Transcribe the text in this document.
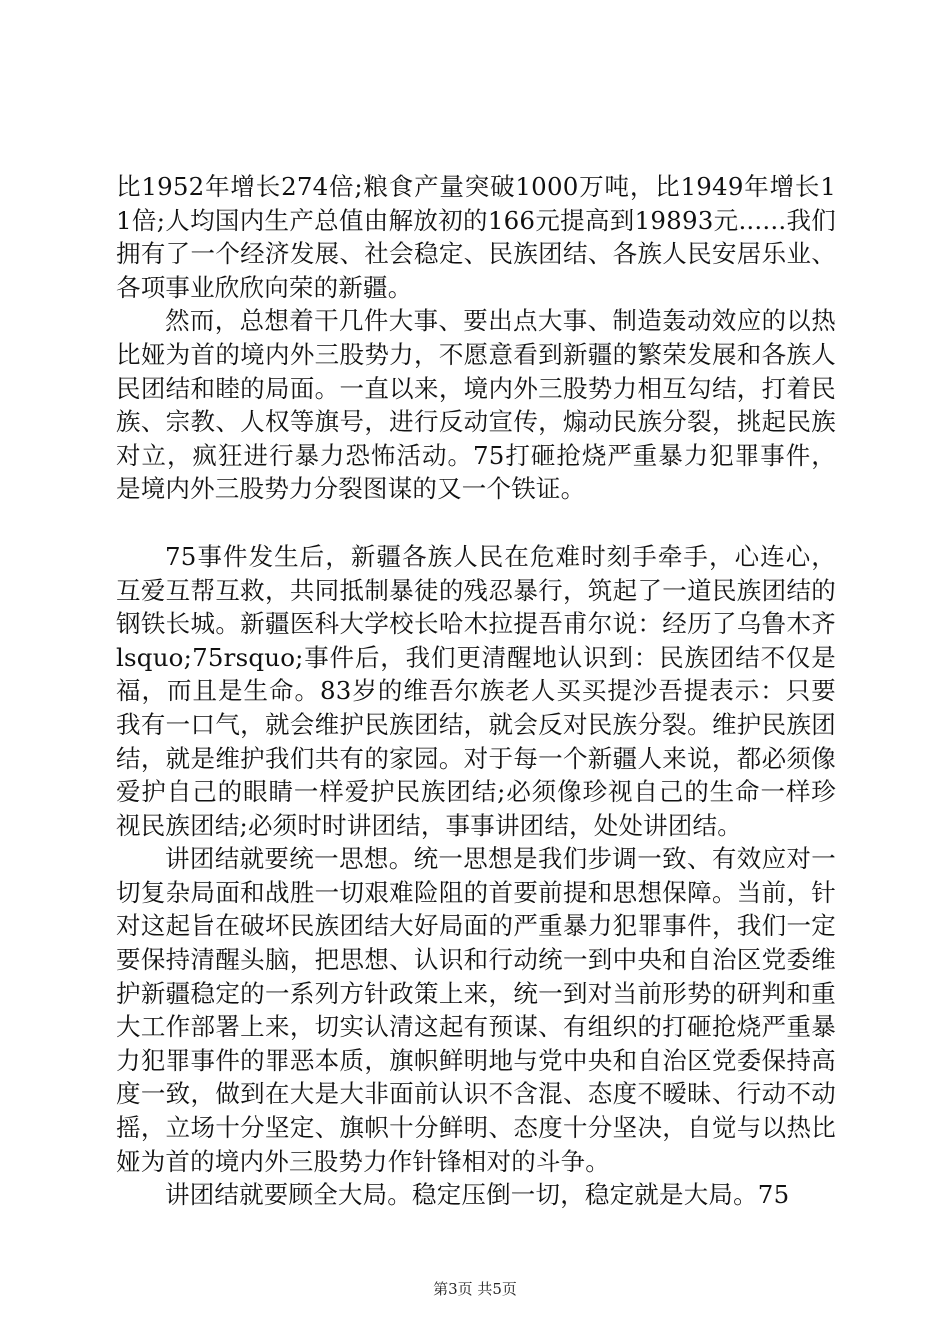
比1952年增长274倍;粮食产量突破1000万吨，比1949年增长11倍;人均国内生产总值由解放初的166元提高到19893元......我们拥有了一个经济发展、社会稳定、民族团结、各族人民安居乐业、各项事业欣欣向荣的新疆。

然而，总想着干几件大事、要出点大事、制造轰动效应的以热比娅为首的境内外三股势力，不愿意看到新疆的繁荣发展和各族人民团结和睦的局面。一直以来，境内外三股势力相互勾结，打着民族、宗教、人权等旗号，进行反动宣传，煽动民族分裂，挑起民族对立，疯狂进行暴力恐怖活动。75打砸抢烧严重暴力犯罪事件，是境内外三股势力分裂图谋的又一个铁证。

75事件发生后，新疆各族人民在危难时刻手牵手，心连心，互爱互帮互救，共同抵制暴徒的残忍暴行，筑起了一道民族团结的钢铁长城。新疆医科大学校长哈木拉提吾甫尔说：经历了乌鲁木齐lsquo;75rsquo;事件后，我们更清醒地认识到：民族团结不仅是福，而且是生命。83岁的维吾尔族老人买买提沙吾提表示：只要我有一口气，就会维护民族团结，就会反对民族分裂。维护民族团结，就是维护我们共有的家园。对于每一个新疆人来说，都必须像爱护自己的眼睛一样爱护民族团结;必须像珍视自己的生命一样珍视民族团结;必须时时讲团结，事事讲团结，处处讲团结。

讲团结就要统一思想。统一思想是我们步调一致、有效应对一切复杂局面和战胜一切艰难险阻的首要前提和思想保障。当前，针对这起旨在破坏民族团结大好局面的严重暴力犯罪事件，我们一定要保持清醒头脑，把思想、认识和行动统一到中央和自治区党委维护新疆稳定的一系列方针政策上来，统一到对当前形势的研判和重大工作部署上来，切实认清这起有预谋、有组织的打砸抢烧严重暴力犯罪事件的罪恶本质，旗帜鲜明地与党中央和自治区党委保持高度一致，做到在大是大非面前认识不含混、态度不暧昧、行动不动摇，立场十分坚定、旗帜十分鲜明、态度十分坚决，自觉与以热比娅为首的境内外三股势力作针锋相对的斗争。

讲团结就要顾全大局。稳定压倒一切，稳定就是大局。75

第3页 共5页
